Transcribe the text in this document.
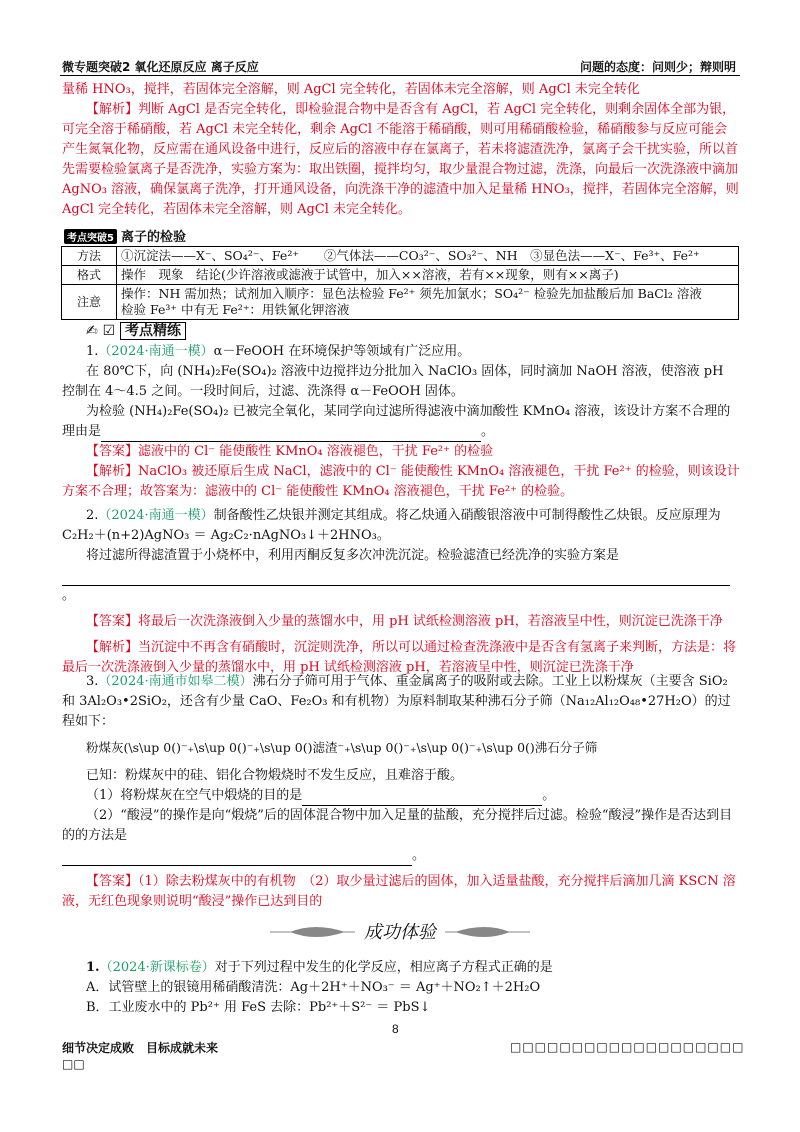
微专题突破2 氧化还原反应 离子反应	问题的态度：问则少；辩则明
量稀 HNO₃，搅拌，若固体完全溶解，则 AgCl 完全转化，若固体未完全溶解，则 AgCl 未完全转化
【解析】判断 AgCl 是否完全转化，即检验混合物中是否含有 AgCl，若 AgCl 完全转化，则剩余固体全部为银，可完全溶于稀硝酸，若 AgCl 未完全转化，剩余 AgCl 不能溶于稀硝酸，则可用稀硝酸检验，稀硝酸参与反应可能会产生氮氧化物，反应需在通风设备中进行，反应后的溶液中存在氯离子，若未将滤渣洗净，氯离子会干扰实验，所以首先需要检验氯离子是否洗净，实验方案为：取出铁圈，搅拌均匀，取少量混合物过滤，洗涤，向最后一次洗涤液中滴加 AgNO₃ 溶液，确保氯离子洗净，打开通风设备，向洗涤干净的滤渣中加入足量稀 HNO₃，搅拌，若固体完全溶解，则 AgCl 完全转化，若固体未完全溶解，则 AgCl 未完全转化。
考点突破5 离子的检验
方法	①沉淀法——X⁻、SO₄²⁻、Fe²⁺　　②气体法——CO₃²⁻、SO₃²⁻、NH　③显色法——X⁻、Fe³⁺、Fe²⁺
格式	操作　现象　结论(少许溶液或滤液于试管中，加入××溶液，若有××现象，则有××离子)
注意	操作：NH 需加热；试剂加入顺序：显色法检验 Fe²⁺ 须先加氯水；SO₄²⁻ 检验先加盐酸后加 BaCl₂ 溶液
检验 Fe³⁺ 中有无 Fe²⁺：用铁氰化钾溶液
✍ ☑ 考点精练
1.（2024·南通一模）α－FeOOH 在环境保护等领域有广泛应用。
在 80℃下，向 (NH₄)₂Fe(SO₄)₂ 溶液中边搅拌边分批加入 NaClO₃ 固体，同时滴加 NaOH 溶液，使溶液 pH 控制在 4～4.5 之间。一段时间后，过滤、洗涤得 α－FeOOH 固体。
为检验 (NH₄)₂Fe(SO₄)₂ 已被完全氧化，某同学向过滤所得滤液中滴加酸性 KMnO₄ 溶液，该设计方案不合理的理由是	。
【答案】滤液中的 Cl⁻ 能使酸性 KMnO₄ 溶液褪色，干扰 Fe²⁺ 的检验
【解析】NaClO₃ 被还原后生成 NaCl，滤液中的 Cl⁻ 能使酸性 KMnO₄ 溶液褪色，干扰 Fe²⁺ 的检验，则该设计方案不合理；故答案为：滤液中的 Cl⁻ 能使酸性 KMnO₄ 溶液褪色，干扰 Fe²⁺ 的检验。
2.（2024·南通一模）制备酸性乙炔银并测定其组成。将乙炔通入硝酸银溶液中可制得酸性乙炔银。反应原理为 C₂H₂＋(n+2)AgNO₃ ＝ Ag₂C₂·nAgNO₃↓＋2HNO₃。
将过滤所得滤渣置于小烧杯中，利用丙酮反复多次冲洗沉淀。检验滤渣已经洗净的实验方案是
。
【答案】将最后一次洗涤液倒入少量的蒸馏水中，用 pH 试纸检测溶液 pH，若溶液呈中性，则沉淀已洗涤干净
【解析】当沉淀中不再含有硝酸时，沉淀则洗净，所以可以通过检查洗涤液中是否含有氢离子来判断，方法是：将最后一次洗涤液倒入少量的蒸馏水中，用 pH 试纸检测溶液 pH，若溶液呈中性，则沉淀已洗涤干净
3.（2024·南通市如皋二模）沸石分子筛可用于气体、重金属离子的吸附或去除。工业上以粉煤灰（主要含 SiO₂ 和 3Al₂O₃•2SiO₂，还含有少量 CaO、Fe₂O₃ 和有机物）为原料制取某种沸石分子筛（Na₁₂Al₁₂O₄₈•27H₂O）的过程如下：
粉煤灰(\s\up 0()⁻₊\s\up 0()⁻₊\s\up 0()滤渣⁻₊\s\up 0()⁻₊\s\up 0()⁻₊\s\up 0()沸石分子筛
已知：粉煤灰中的硅、铝化合物煅烧时不发生反应，且难溶于酸。
（1）将粉煤灰在空气中煅烧的目的是	。
（2）“酸浸”的操作是向“煅烧”后的固体混合物中加入足量的盐酸，充分搅拌后过滤。检验“酸浸”操作是否达到目的的方法是
。
【答案】（1）除去粉煤灰中的有机物　（2）取少量过滤后的固体，加入适量盐酸，充分搅拌后滴加几滴 KSCN 溶液，无红色现象则说明“酸浸”操作已达到目的
成功体验
1.（2024·新课标卷）对于下列过程中发生的化学反应，相应离子方程式正确的是
A．试管壁上的银镜用稀硝酸清洗：Ag＋2H⁺＋NO₃⁻ ＝ Ag⁺＋NO₂↑＋2H₂O
B．工业废水中的 Pb²⁺ 用 FeS 去除：Pb²⁺＋S²⁻ ＝ PbS↓
8
细节决定成败　目标成就未来
□□
□□□□□□□□□□□□□□□□□□□
